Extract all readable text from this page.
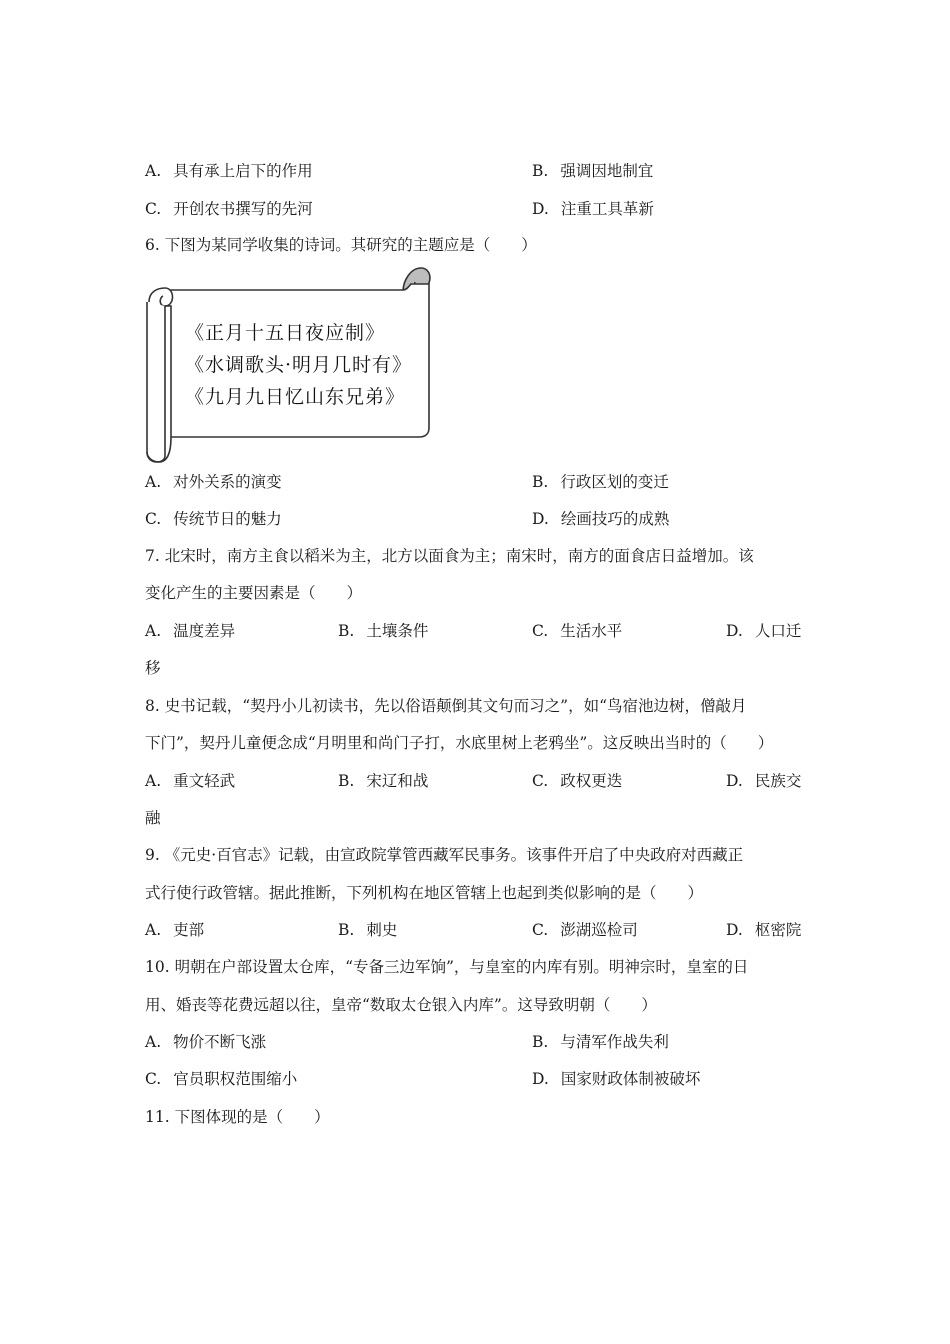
A. 具有承上启下的作用	B. 强调因地制宜
C. 开创农书撰写的先河	D. 注重工具革新
6. 下图为某同学收集的诗词。其研究的主题应是（　　）
《正月十五日夜应制》
《水调歌头·明月几时有》
《九月九日忆山东兄弟》
A. 对外关系的演变	B. 行政区划的变迁
C. 传统节日的魅力	D. 绘画技巧的成熟
7. 北宋时，南方主食以稻米为主，北方以面食为主；南宋时，南方的面食店日益增加。该
变化产生的主要因素是（　　）
A. 温度差异	B. 土壤条件	C. 生活水平	D. 人口迁
移
8. 史书记载，“契丹小儿初读书，先以俗语颠倒其文句而习之”，如“鸟宿池边树，僧敲月
下门”，契丹儿童便念成“月明里和尚门子打，水底里树上老鸦坐”。这反映出当时的（　　）
A. 重文轻武	B. 宋辽和战	C. 政权更迭	D. 民族交
融
9. 《元史·百官志》记载，由宣政院掌管西藏军民事务。该事件开启了中央政府对西藏正
式行使行政管辖。据此推断，下列机构在地区管辖上也起到类似影响的是（　　）
A. 吏部	B. 刺史	C. 澎湖巡检司	D. 枢密院
10. 明朝在户部设置太仓库，“专备三边军饷”，与皇室的内库有别。明神宗时，皇室的日
用、婚丧等花费远超以往，皇帝“数取太仓银入内库”。这导致明朝（　　）
A. 物价不断飞涨	B. 与清军作战失利
C. 官员职权范围缩小	D. 国家财政体制被破坏
11. 下图体现的是（　　）
